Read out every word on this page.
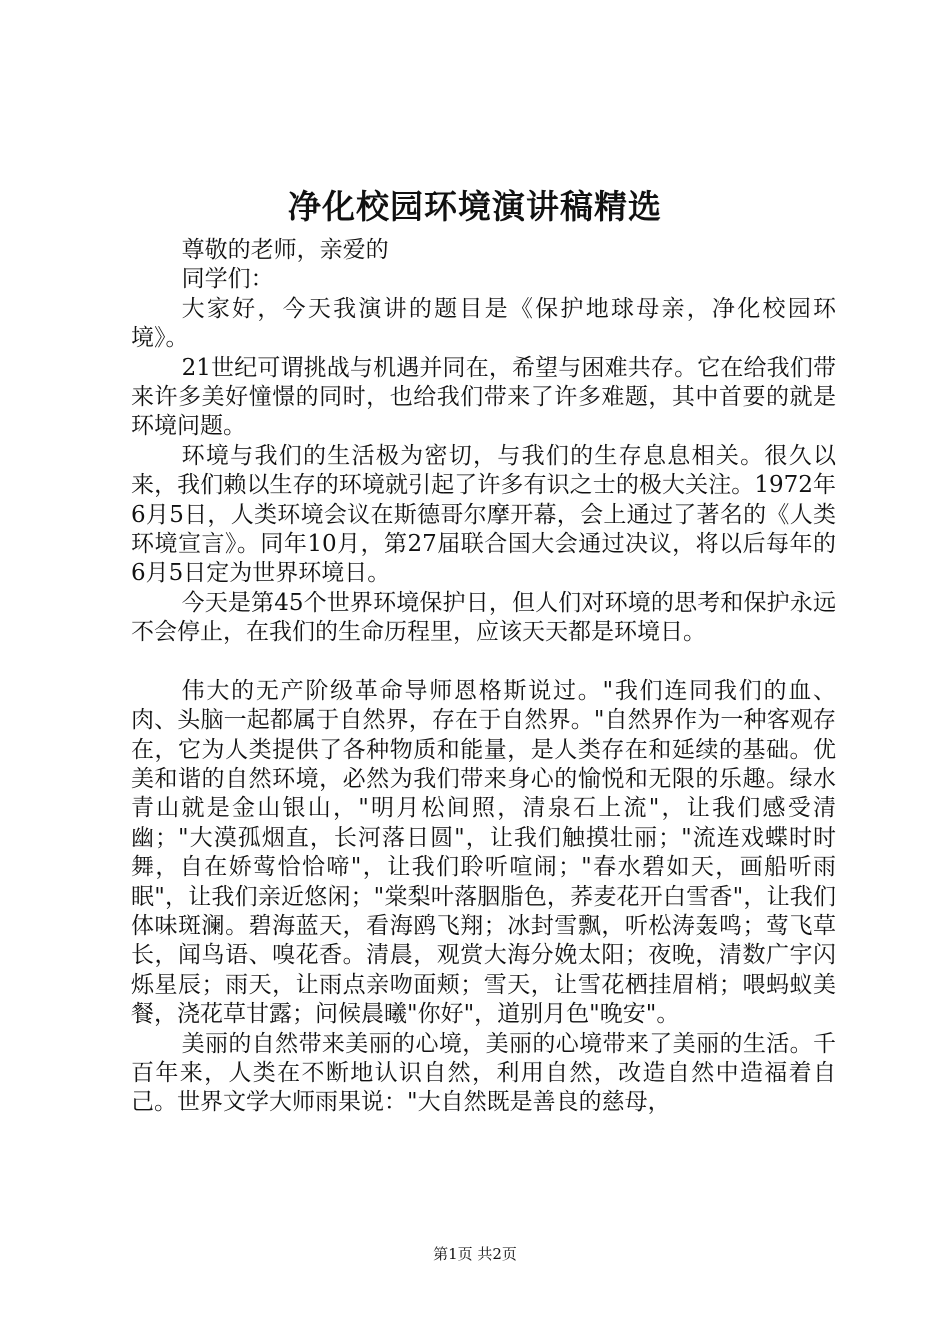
净化校园环境演讲稿精选

尊敬的老师，亲爱的

同学们：

大家好，今天我演讲的题目是《保护地球母亲，净化校园环境》。

21世纪可谓挑战与机遇并同在，希望与困难共存。它在给我们带来许多美好憧憬的同时，也给我们带来了许多难题，其中首要的就是环境问题。

环境与我们的生活极为密切，与我们的生存息息相关。很久以来，我们赖以生存的环境就引起了许多有识之士的极大关注。1972年6月5日，人类环境会议在斯德哥尔摩开幕，会上通过了著名的《人类环境宣言》。同年10月，第27届联合国大会通过决议，将以后每年的6月5日定为世界环境日。

今天是第45个世界环境保护日，但人们对环境的思考和保护永远不会停止，在我们的生命历程里，应该天天都是环境日。

伟大的无产阶级革命导师恩格斯说过。"我们连同我们的血、肉、头脑一起都属于自然界，存在于自然界。"自然界作为一种客观存在，它为人类提供了各种物质和能量，是人类存在和延续的基础。优美和谐的自然环境，必然为我们带来身心的愉悦和无限的乐趣。绿水青山就是金山银山，"明月松间照，清泉石上流"，让我们感受清幽；"大漠孤烟直，长河落日圆"，让我们触摸壮丽；"流连戏蝶时时舞，自在娇莺恰恰啼"，让我们聆听喧闹；"春水碧如天，画船听雨眠"，让我们亲近悠闲；"棠梨叶落胭脂色，荞麦花开白雪香"，让我们体味斑澜。碧海蓝天，看海鸥飞翔；冰封雪飘，听松涛轰鸣；莺飞草长，闻鸟语、嗅花香。清晨，观赏大海分娩太阳；夜晚，清数广宇闪烁星辰；雨天，让雨点亲吻面颊；雪天，让雪花栖挂眉梢；喂蚂蚁美餐，浇花草甘露；问候晨曦"你好"，道别月色"晚安"。

美丽的自然带来美丽的心境，美丽的心境带来了美丽的生活。千百年来，人类在不断地认识自然，利用自然，改造自然中造福着自己。世界文学大师雨果说："大自然既是善良的慈母，

第1页 共2页
